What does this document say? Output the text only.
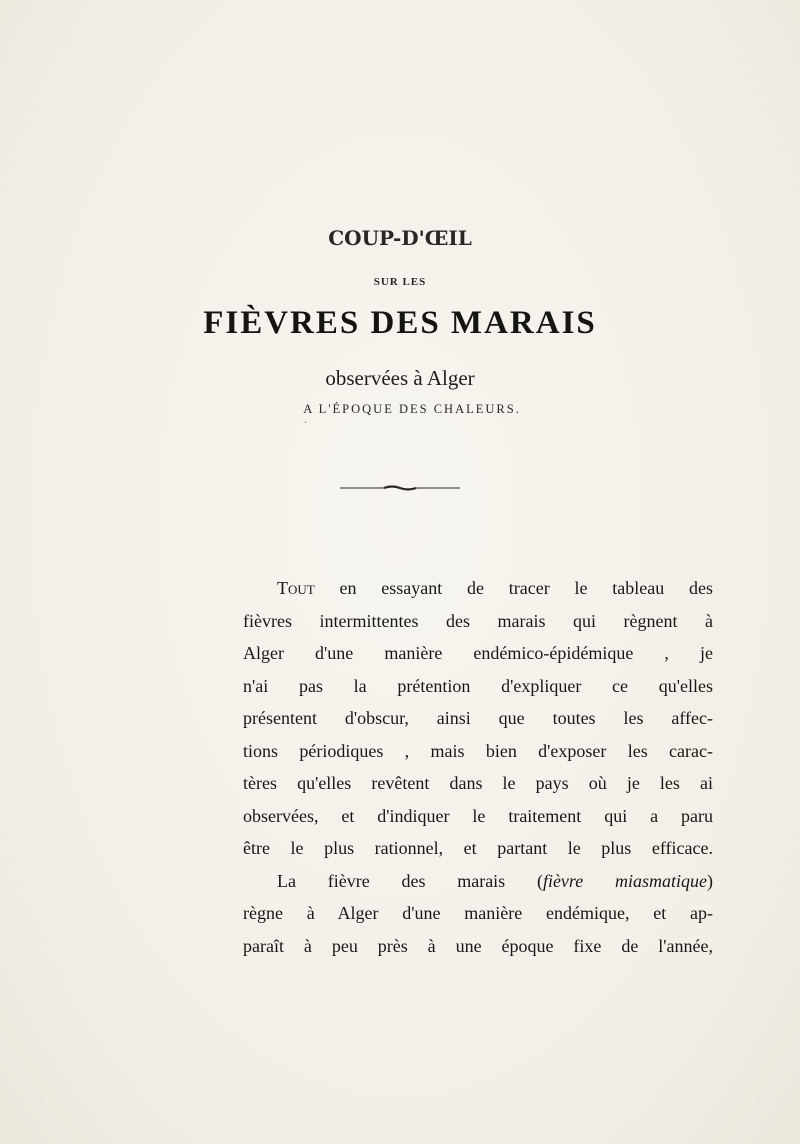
COUP-D'ŒIL
SUR LES
FIÈVRES DES MARAIS
observées à Alger
A L'ÉPOQUE DES CHALEURS.
·
Tout en essayant de tracer le tableau des
fièvres intermittentes des marais qui règnent à
Alger d'une manière endémico-épidémique , je
n'ai pas la prétention d'expliquer ce qu'elles
présentent d'obscur, ainsi que toutes les affec-
tions périodiques , mais bien d'exposer les carac-
tères qu'elles revêtent dans le pays où je les ai
observées, et d'indiquer le traitement qui a paru
être le plus rationnel, et partant le plus efficace.
La fièvre des marais (fièvre miasmatique)
règne à Alger d'une manière endémique, et ap-
paraît à peu près à une époque fixe de l'année,
